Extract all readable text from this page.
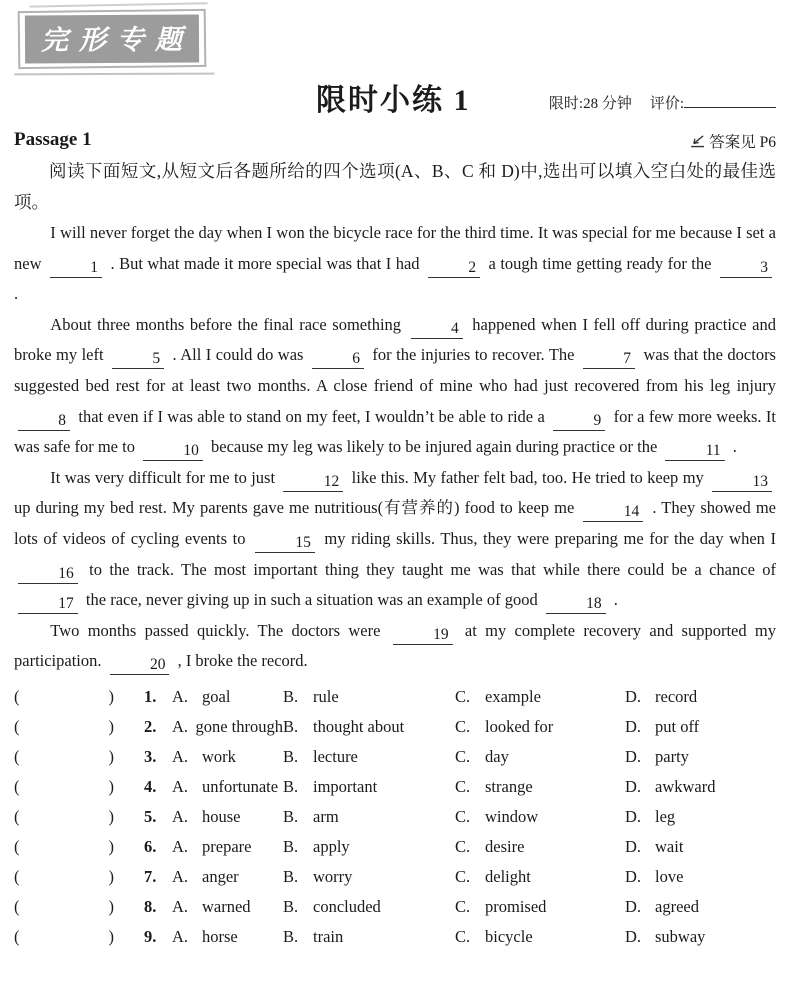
完形专题
限时小练 1	限时:28 分钟 评价:
Passage 1	答案见 P6

阅读下面短文,从短文后各题所给的四个选项(A、B、C 和 D)中,选出可以填入空白处的最佳选项。

I will never forget the day when I won the bicycle race for the third time. It was special for me because I set a new	1 . But what made it more special was that I had	2 a tough time getting ready for the	3 .

About three months before the final race something	4 happened when I fell off during practice and broke my left	5 . All I could do was	6 for the injuries to recover. The	7 was that the doctors suggested bed rest for at least two months. A close friend of mine who had just recovered from his leg injury 8 that even if I was able to stand on my feet, I wouldn’t be able to ride a	9 for a few more weeks. It was safe for me to	10 because my leg was likely to be injured again during practice or the	11 .

It was very difficult for me to just	12 like this. My father felt bad, too. He tried to keep my	13 up during my bed rest. My parents gave me nutritious(有营养的) food to keep me	14 . They showed me lots of videos of cycling events to	15 my riding skills. Thus, they were preparing me for the day when I 16 to the track. The most important thing they taught me was that while there could be a chance of 17 the race, never giving up in such a situation was an example of good	18 .

Two months passed quickly. The doctors were	19 at my complete recovery and supported my participation.	20 , I broke the record.

(	) 1. A. goal	B. rule	C. example	D. record
(	) 2. A. gone through B. thought about	C. looked for	D. put off
(	) 3. A. work	B. lecture	C. day	D. party
(	) 4. A. unfortunate B. important	C. strange	D. awkward
(	) 5. A. house	B. arm	C. window	D. leg
(	) 6. A. prepare B. apply	C. desire	D. wait
(	) 7. A. anger	B. worry	C. delight	D. love
(	) 8. A. warned B. concluded	C. promised	D. agreed
(	) 9. A. horse	B. train	C. bicycle	D. subway
